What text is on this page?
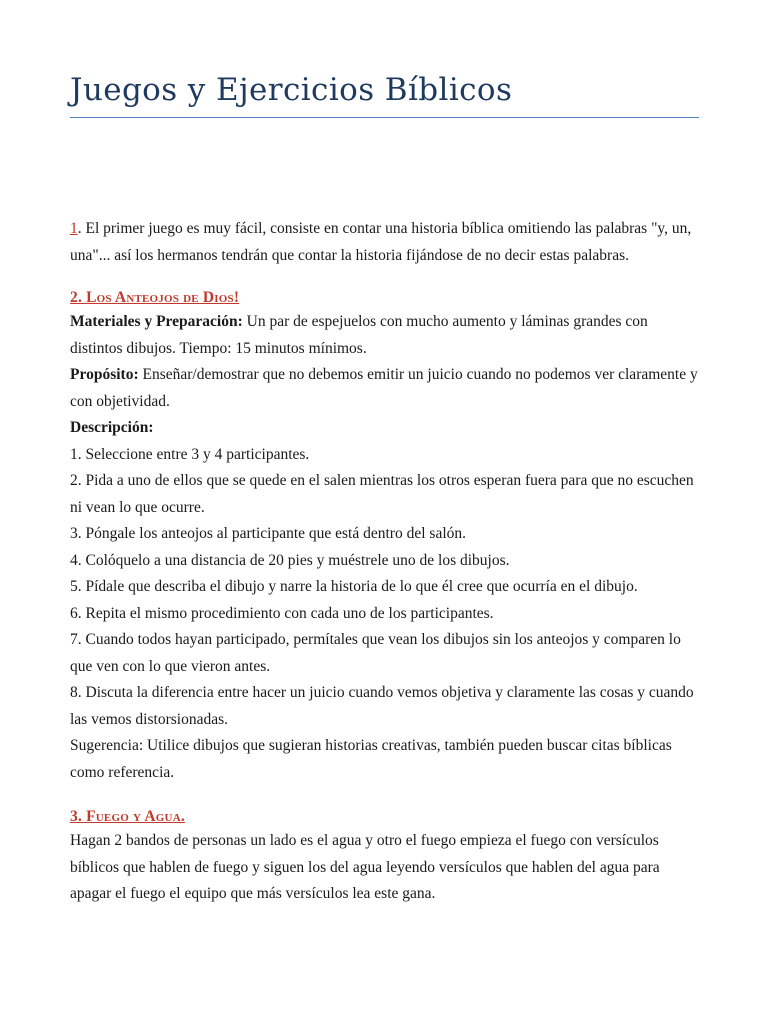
Juegos y Ejercicios Bíblicos

1. El primer juego es muy fácil, consiste en contar una historia bíblica omitiendo las palabras "y, un, una"... así los hermanos tendrán que contar la historia fijándose de no decir estas palabras.

2. Los Anteojos de Dios!

Materiales y Preparación: Un par de espejuelos con mucho aumento y láminas grandes con distintos dibujos. Tiempo: 15 minutos mínimos.

Propósito: Enseñar/demostrar que no debemos emitir un juicio cuando no podemos ver claramente y con objetividad.

Descripción:

1. Seleccione entre 3 y 4 participantes.

2. Pida a uno de ellos que se quede en el salen mientras los otros esperan fuera para que no escuchen ni vean lo que ocurre.

3. Póngale los anteojos al participante que está dentro del salón.

4. Colóquelo a una distancia de 20 pies y muéstrele uno de los dibujos.

5. Pídale que describa el dibujo y narre la historia de lo que él cree que ocurría en el dibujo.

6. Repita el mismo procedimiento con cada uno de los participantes.

7. Cuando todos hayan participado, permítales que vean los dibujos sin los anteojos y comparen lo que ven con lo que vieron antes.

8. Discuta la diferencia entre hacer un juicio cuando vemos objetiva y claramente las cosas y cuando las vemos distorsionadas.

Sugerencia: Utilice dibujos que sugieran historias creativas, también pueden buscar citas bíblicas como referencia.

3. Fuego y Agua.

Hagan 2 bandos de personas un lado es el agua y otro el fuego empieza el fuego con versículos bíblicos que hablen de fuego y siguen los del agua leyendo versículos que hablen del agua para apagar el fuego el equipo que más versículos lea este gana.
